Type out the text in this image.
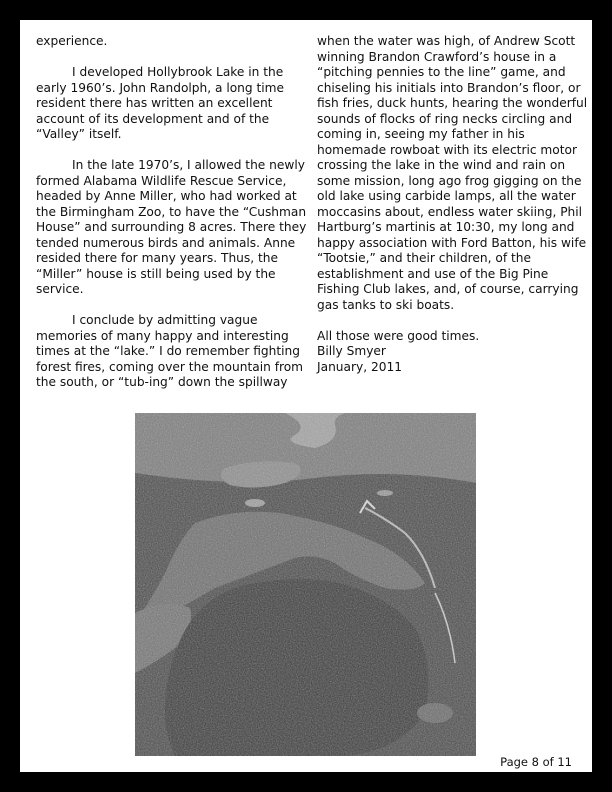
experience.

I developed Hollybrook Lake in the early 1960’s. John Randolph, a long time resident there has written an excellent account of its development and of the “Valley” itself.

In the late 1970’s, I allowed the newly formed Alabama Wildlife Rescue Service, headed by Anne Miller, who had worked at the Birmingham Zoo, to have the “Cushman House” and surrounding 8 acres. There they tended numerous birds and animals. Anne resided there for many years. Thus, the “Miller” house is still being used by the service.

I conclude by admitting vague memories of many happy and interesting times at the “lake.” I do remember fighting forest fires, coming over the mountain from the south, or “tub-ing” down the spillway

when the water was high, of Andrew Scott winning Brandon Crawford’s house in a “pitching pennies to the line” game, and chiseling his initials into Brandon’s floor, or fish fries, duck hunts, hearing the wonderful sounds of flocks of ring necks circling and coming in, seeing my father in his homemade rowboat with its electric motor crossing the lake in the wind and rain on some mission, long ago frog gigging on the old lake using carbide lamps, all the water moccasins about, endless water skiing, Phil Hartburg’s martinis at 10:30, my long and happy association with Ford Batton, his wife “Tootsie,” and their children, of the establishment and use of the Big Pine Fishing Club lakes, and, of course, carrying gas tanks to ski boats.

All those were good times.
Billy Smyer
January, 2011

Page 8 of 11
